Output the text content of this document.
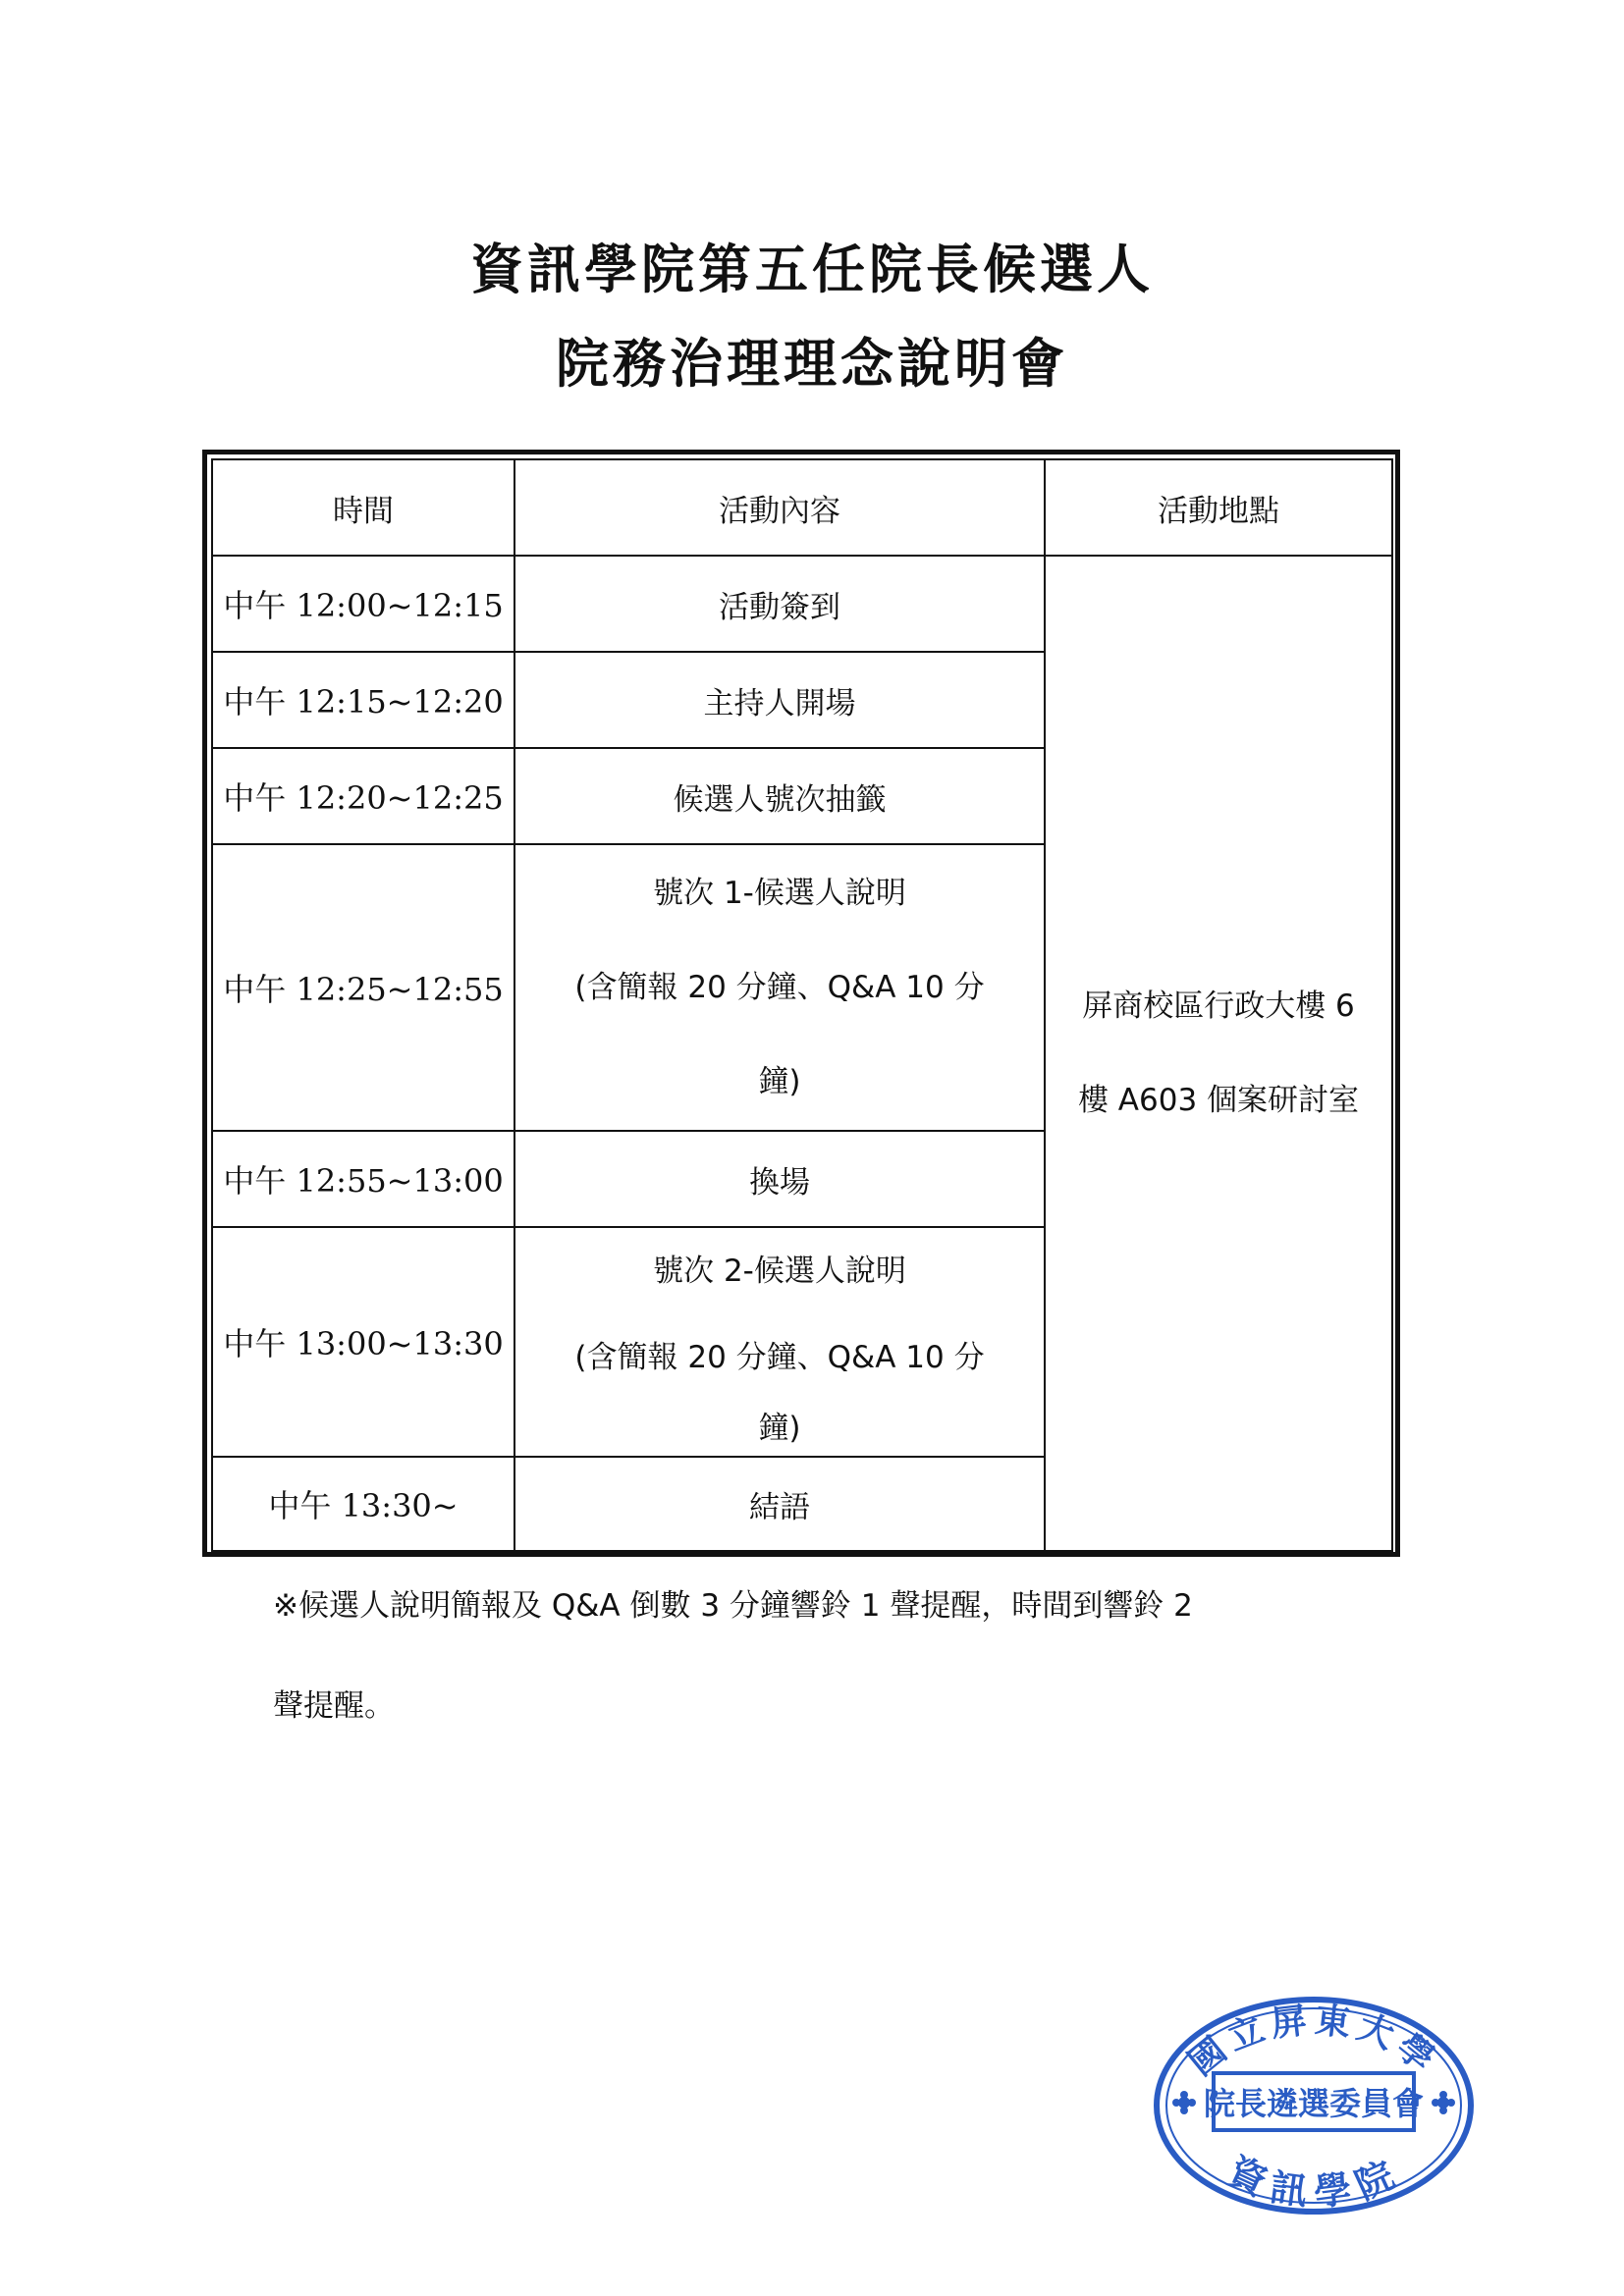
資訊學院第五任院長候選人
院務治理理念說明會
時間	活動內容	活動地點
中午 12:00~12:15	活動簽到	屏商校區行政大樓 6
樓 A603 個案研討室

中午 12:15~12:20	主持人開場	
中午 12:20~12:25	候選人號次抽籤	
中午 12:25~12:55	號次 1-候選人說明
(含簡報 20 分鐘、Q&A 10 分
鐘)	

中午 12:55~13:00	換場	
中午 13:00~13:30	號次 2-候選人說明
(含簡報 20 分鐘、Q&A 10 分
鐘)	

中午 13:30~	結語	
※候選人說明簡報及 Q&A 倒數 3 分鐘響鈴 1 聲提醒，時間到響鈴 2
聲提醒。
國立屏東大學
院長遴選委員會
資訊學院
